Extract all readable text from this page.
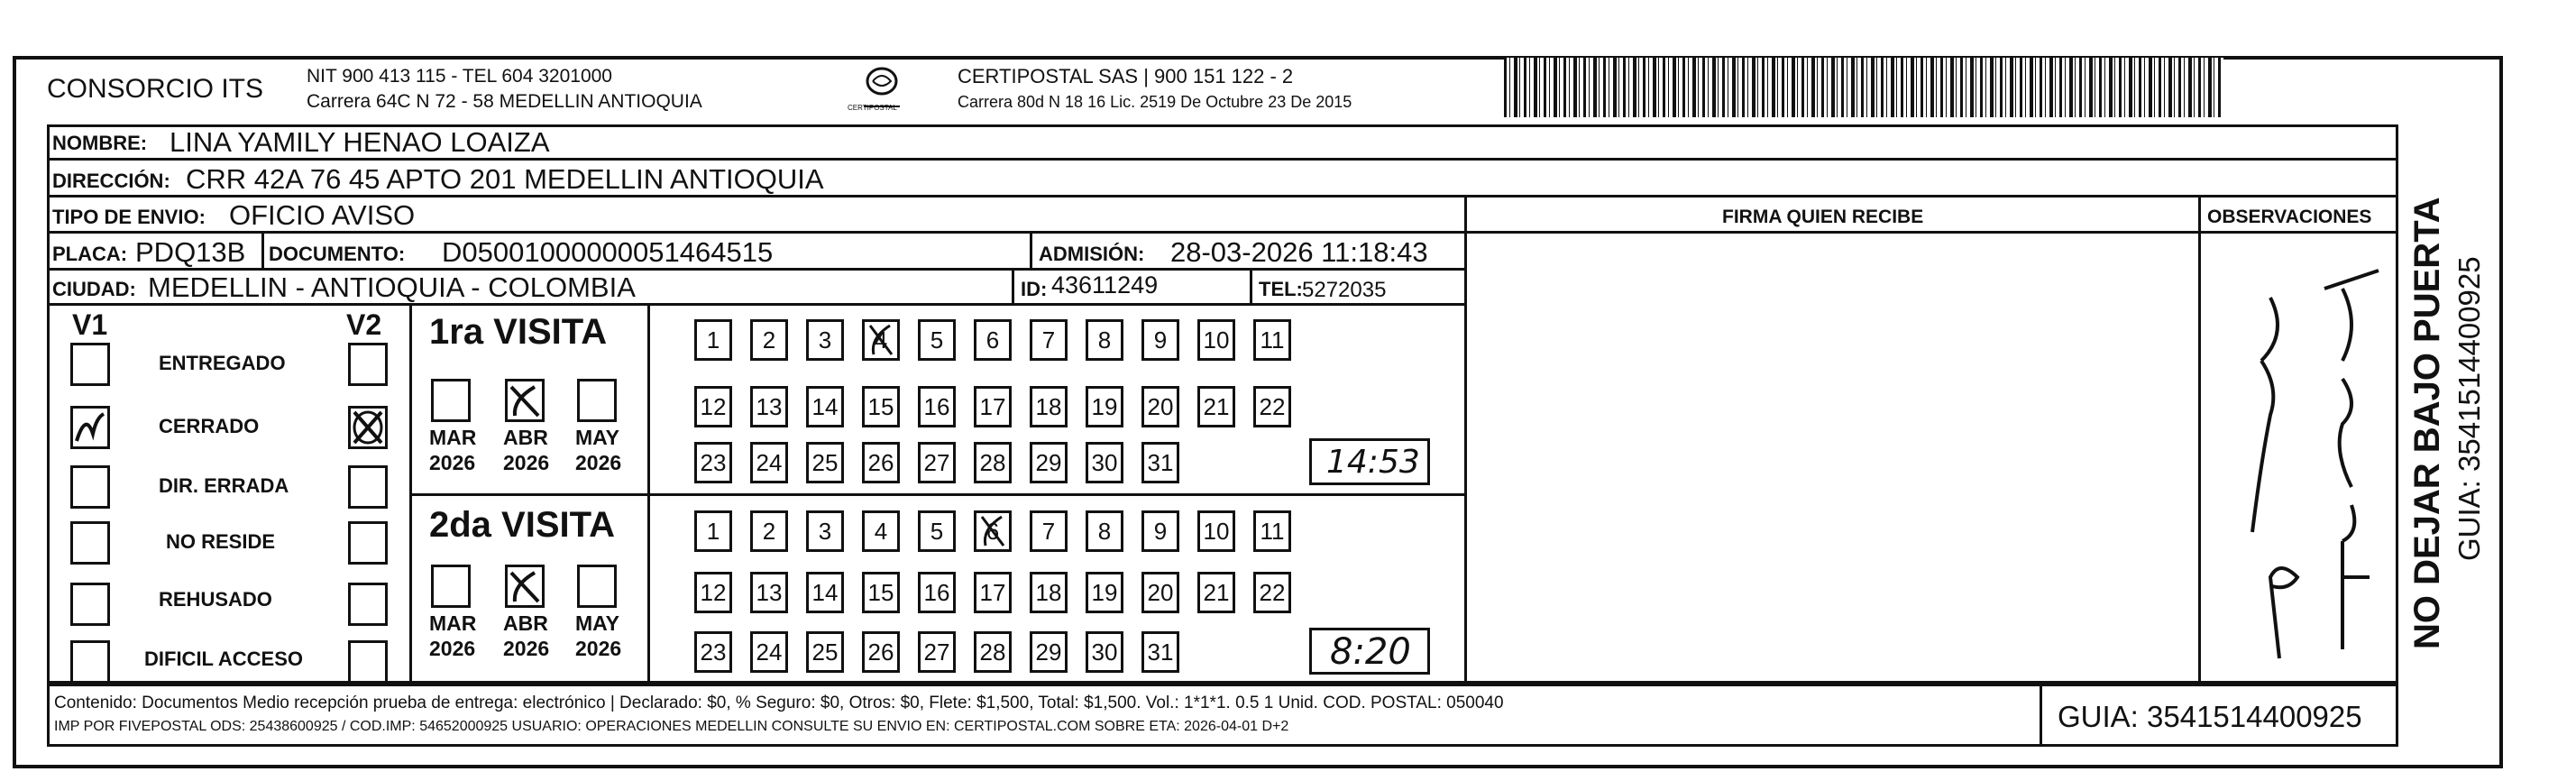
CONSORCIO ITS NIT 900 413 115 - TEL 604 3201000
Carrera 64C N 72 - 58 MEDELLIN ANTIOQUIA	CERTIPOSTAL
CERTIPOSTAL SAS | 900 151 122 - 2
Carrera 80d N 18 16 Lic. 2519 De Octubre 23 De 2015
NOMBRE: LINA YAMILY HENAO LOAIZA
DIRECCIÓN: CRR 42A 76 45 APTO 201 MEDELLIN ANTIOQUIA
TIPO DE ENVIO: OFICIO AVISO	FIRMA QUIEN RECIBE	OBSERVACIONES
PLACA: PDQ13B DOCUMENTO: D05001000000051464515	ADMISIÓN: 28-03-2026 11:18:43
CIUDAD: MEDELLIN - ANTIOQUIA - COLOMBIA	ID: 43611249	TEL: 5272035
V1	V2
ENTREGADO
CERRADO
DIR. ERRADA
NO RESIDE
REHUSADO
DIFICIL ACCESO
1ra VISITA
2da VISITA
MAR
2026
ABR
2026
MAY
2026
MAR
2026
ABR
2026
MAY
2026
1	2	3	4	5	6	7	8	9	10 11
12 13 14 15 16 17 18 19 20 21 22
23 24 25 26 27 28 29 30 31
1	2	3	4	5	6	7	8	9	10 11
12 13 14 15 16 17 18 19 20 21 22
23 24 25 26 27 28 29 30 31
14:53
8:20
Contenido: Documentos Medio recepción prueba de entrega: electrónico | Declarado: $0, % Seguro: $0, Otros: $0, Flete: $1,500, Total: $1,500. Vol.: 1*1*1. 0.5 1 Unid. COD. POSTAL: 050040
IMP POR FIVEPOSTAL ODS: 25438600925 / COD.IMP: 54652000925 USUARIO: OPERACIONES MEDELLIN CONSULTE SU ENVIO EN: CERTIPOSTAL.COM SOBRE ETA: 2026-04-01 D+2	GUIA: 3541514400925
NO DEJAR BAJO PUERTA GUIA: 3541514400925
